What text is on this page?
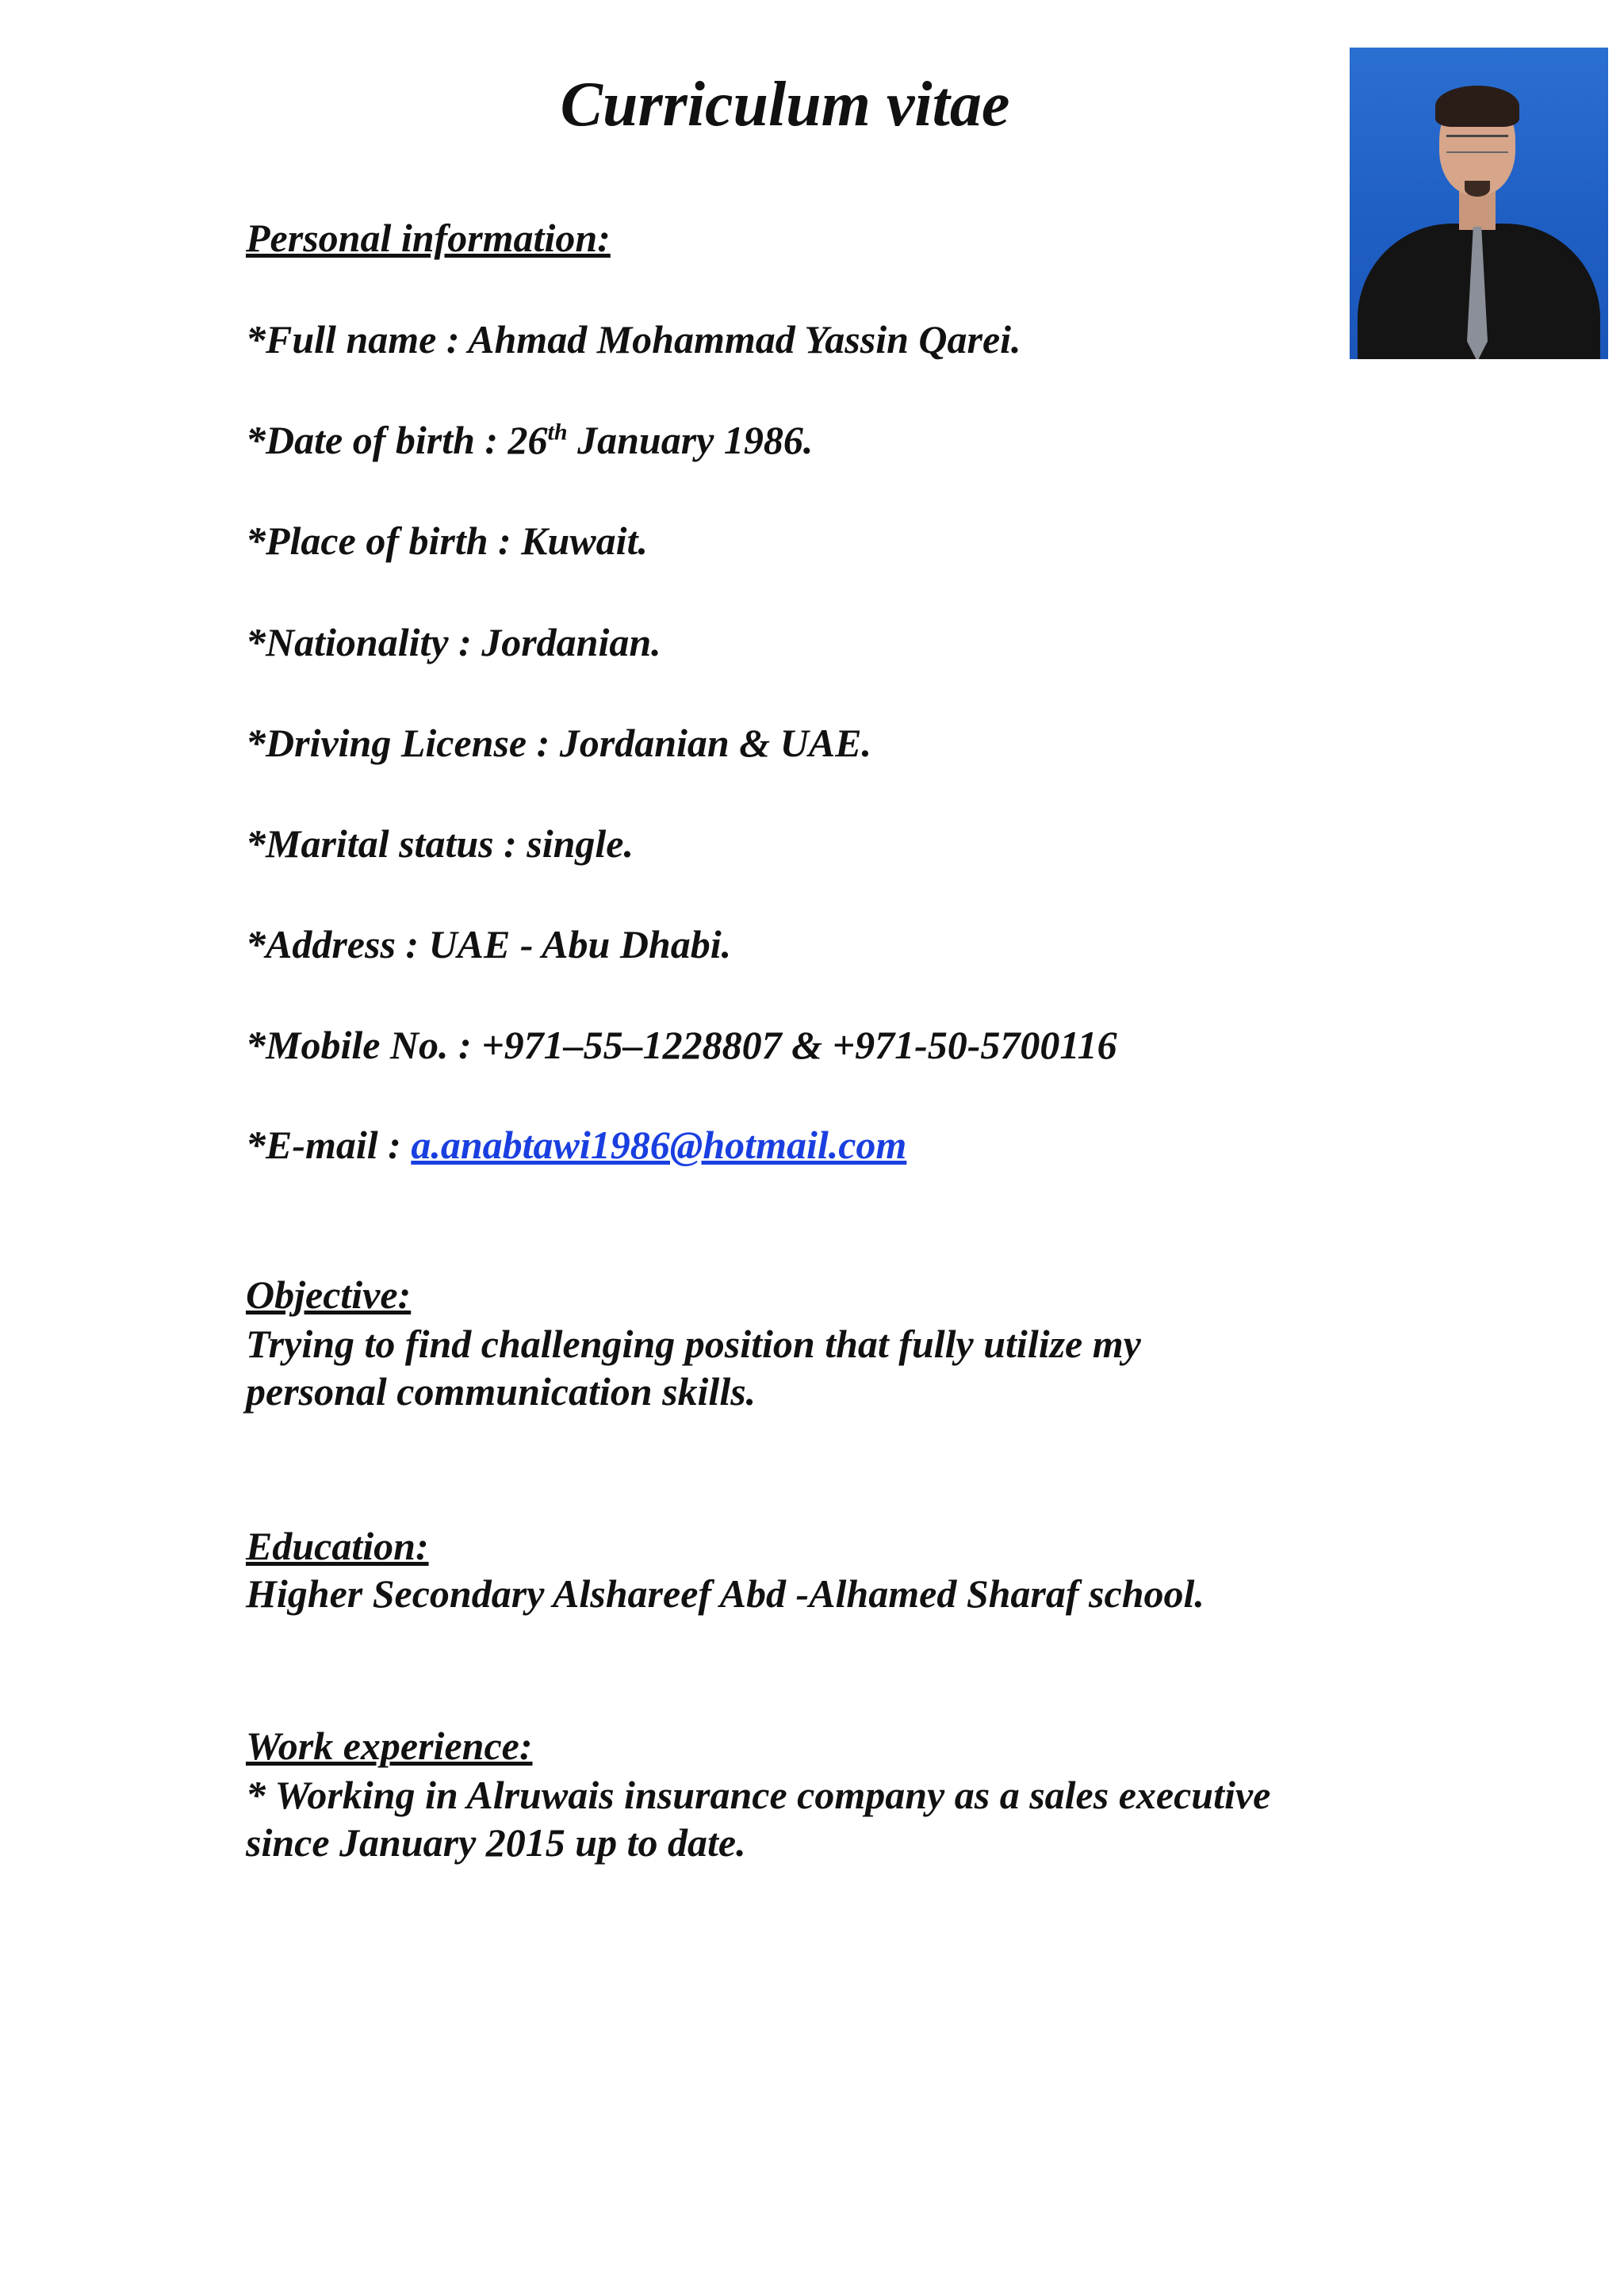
Curriculum vitae
Personal information:
*Full name : Ahmad Mohammad Yassin Qarei.
*Date of birth : 26th January 1986.
*Place of birth : Kuwait.
*Nationality : Jordanian.
*Driving License : Jordanian & UAE.
*Marital status : single.
*Address : UAE - Abu Dhabi.
*Mobile No. : +971–55–1228807 & +971-50-5700116
*E-mail : a.anabtawi1986@hotmail.com
Objective:
Trying to find challenging position that fully utilize my
personal communication skills.
Education:
Higher Secondary Alshareef Abd -Alhamed Sharaf school.
Work experience:
* Working in Alruwais insurance company as a sales executive
since January 2015 up to date.
